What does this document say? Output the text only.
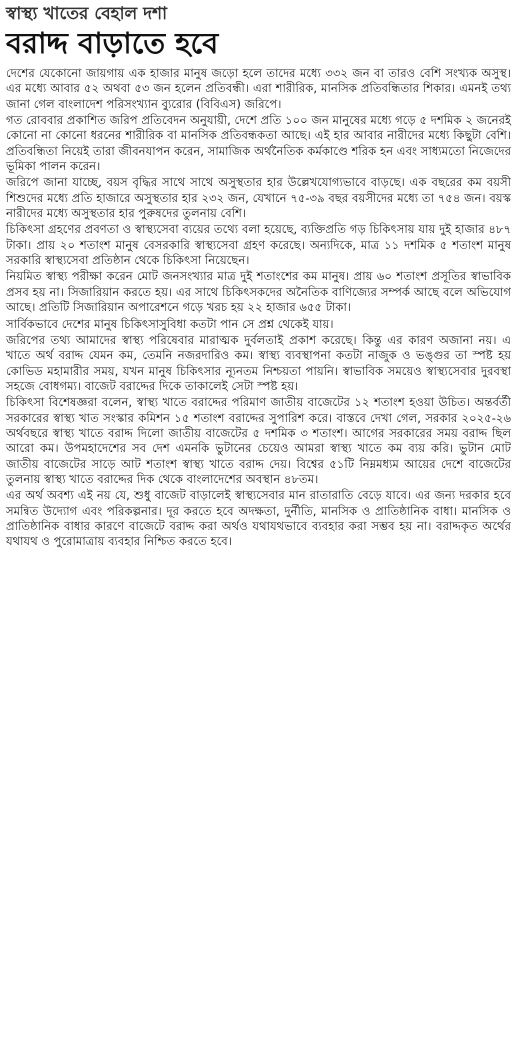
স্বাস্থ্য খাতের বেহাল দশা
বরাদ্দ বাড়াতে হবে

দেশের যেকোনো জায়গায় এক হাজার মানুষ জড়ো হলে তাদের মধ্যে ৩৩২ জন বা তারও বেশি সংখ্যক অসুস্থ। এর মধ্যে আবার ৫২ অথবা ৫৩ জন হলেন প্রতিবন্ধী। এরা শারীরিক, মানসিক প্রতিবন্ধিতার শিকার। এমনই তথ্য জানা গেল বাংলাদেশ পরিসংখ্যান ব্যুরোর (বিবিএস) জরিপে।

গত রোববার প্রকাশিত জরিপ প্রতিবেদন অনুযায়ী, দেশে প্রতি ১০০ জন মানুষের মধ্যে গড়ে ৫ দশমিক ২ জনেরই কোনো না কোনো ধরনের শারীরিক বা মানসিক প্রতিবন্ধকতা আছে। এই হার আবার নারীদের মধ্যে কিছুটা বেশি। প্রতিবন্ধিতা নিয়েই তারা জীবনযাপন করেন, সামাজিক অর্থনৈতিক কর্মকাণ্ডে শরিক হন এবং সাধ্যমতো নিজেদের ভূমিকা পালন করেন।

জরিপে জানা যাচ্ছে, বয়স বৃদ্ধির সাথে সাথে অসুস্থতার হার উল্লেখযোগ্যভাবে বাড়ছে। এক বছরের কম বয়সী শিশুদের মধ্যে প্রতি হাজারে অসুস্থতার হার ২৩২ জন, যেখানে ৭৫-৩৯ বছর বয়সীদের মধ্যে তা ৭৫৪ জন। বয়স্ক নারীদের মধ্যে অসুস্থতার হার পুরুষদের তুলনায় বেশি।

চিকিৎসা গ্রহণের প্রবণতা ও স্বাস্থ্যসেবা ব্যয়ের তথ্যে বলা হয়েছে, ব্যক্তিপ্রতি গড় চিকিৎসায় যায় দুই হাজার ৪৮৭ টাকা। প্রায় ২০ শতাংশ মানুষ বেসরকারি স্বাস্থ্যসেবা গ্রহণ করেছে। অন্যদিকে, মাত্র ১১ দশমিক ৫ শতাংশ মানুষ সরকারি স্বাস্থ্যসেবা প্রতিষ্ঠান থেকে চিকিৎসা নিয়েছেন।

নিয়মিত স্বাস্থ্য পরীক্ষা করেন মোট জনসংখ্যার মাত্র দুই শতাংশের কম মানুষ। প্রায় ৬০ শতাংশ প্রসূতির স্বাভাবিক প্রসব হয় না। সিজারিয়ান করতে হয়। এর সাথে চিকিৎসকদের অনৈতিক বাণিজ্যের সম্পর্ক আছে বলে অভিযোগ আছে। প্রতিটি সিজারিয়ান অপারেশনে গড়ে খরচ হয় ২২ হাজার ৬৫৫ টাকা।

সার্বিকভাবে দেশের মানুষ চিকিৎসাসুবিধা কতটা পান সে প্রশ্ন থেকেই যায়।

জরিপের তথ্য আমাদের স্বাস্থ্য পরিষেবার মারাত্মক দুর্বলতাই প্রকাশ করেছে। কিন্তু এর কারণ অজানা নয়। এ খাতে অর্থ বরাদ্দ যেমন কম, তেমনি নজরদারিও কম। স্বাস্থ্য ব্যবস্থাপনা কতটা নাজুক ও ভঙ্গুর তা স্পষ্ট হয় কোভিড মহামারীর সময়, যখন মানুষ চিকিৎসার ন্যূনতম নিশ্চয়তা পায়নি। স্বাভাবিক সময়েও স্বাস্থ্যসেবার দুরবস্থা সহজে বোধগম্য। বাজেট বরাদ্দের দিকে তাকালেই সেটা স্পষ্ট হয়।

চিকিৎসা বিশেষজ্ঞরা বলেন, স্বাস্থ্য খাতে বরাদ্দের পরিমাণ জাতীয় বাজেটের ১২ শতাংশ হওয়া উচিত। অন্তর্বর্তী সরকারের স্বাস্থ্য খাত সংস্কার কমিশন ১৫ শতাংশ বরাদ্দের সুপারিশ করে। বাস্তবে দেখা গেল, সরকার ২০২৫-২৬ অর্থবছরে স্বাস্থ্য খাতে বরাদ্দ দিলো জাতীয় বাজেটের ৫ দশমিক ৩ শতাংশ। আগের সরকারের সময় বরাদ্দ ছিল আরো কম। উপমহাদেশের সব দেশ এমনকি ভুটানের চেয়েও আমরা স্বাস্থ্য খাতে কম ব্যয় করি। ভুটান মোট জাতীয় বাজেটের সাড়ে আট শতাংশ স্বাস্থ্য খাতে বরাদ্দ দেয়। বিশ্বের ৫১টি নিম্নমধ্যম আয়ের দেশে বাজেটের তুলনায় স্বাস্থ্য খাতে বরাদ্দের দিক থেকে বাংলাদেশের অবস্থান ৪৮তম।

এর অর্থ অবশ্য এই নয় যে, শুধু বাজেট বাড়ালেই স্বাস্থ্যসেবার মান রাতারাতি বেড়ে যাবে। এর জন্য দরকার হবে সমন্বিত উদ্যোগ এবং পরিকল্পনার। দূর করতে হবে অদক্ষতা, দুর্নীতি, মানসিক ও প্রাতিষ্ঠানিক বাধা। মানসিক ও প্রাতিষ্ঠানিক বাধার কারণে বাজেটে বরাদ্দ করা অর্থও যথাযথভাবে ব্যবহার করা সম্ভব হয় না। বরাদ্দকৃত অর্থের যথাযথ ও পুরোমাত্রায় ব্যবহার নিশ্চিত করতে হবে।
